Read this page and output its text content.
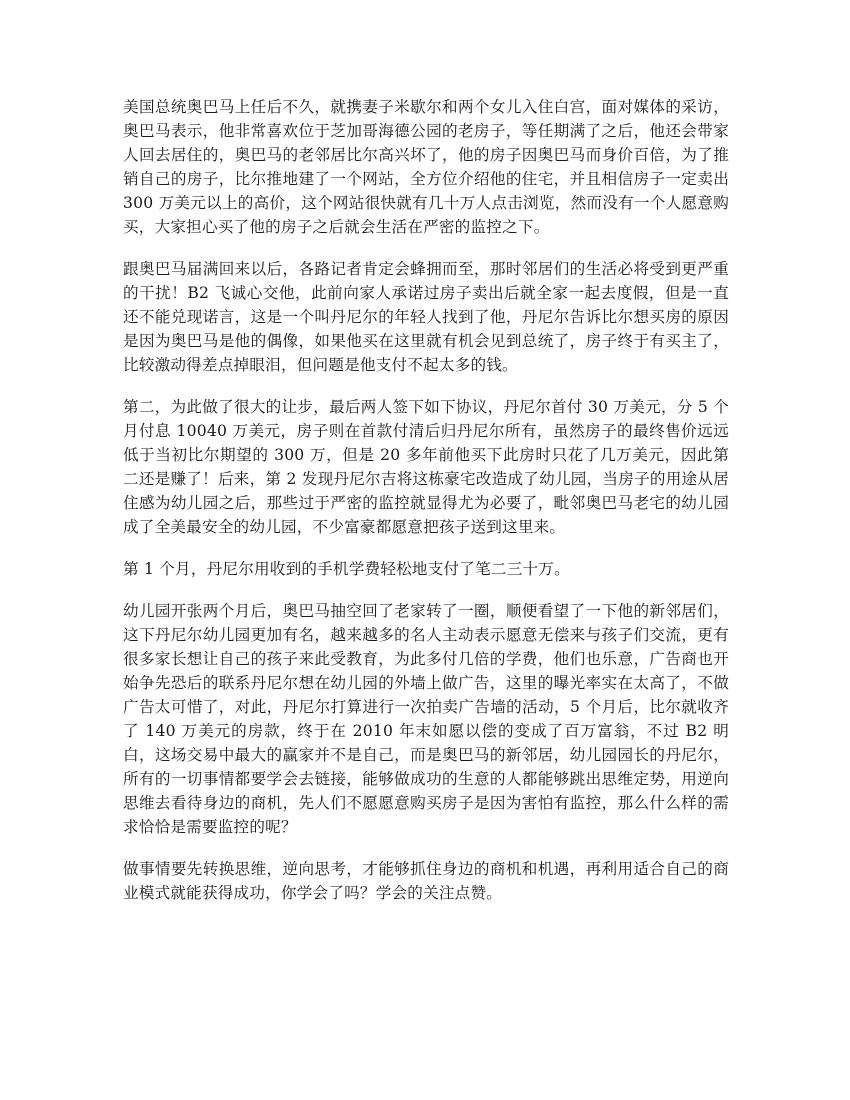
美国总统奥巴马上任后不久，就携妻子米歇尔和两个女儿入住白宫，面对媒体的采访，奥巴马表示，他非常喜欢位于芝加哥海德公园的老房子，等任期满了之后，他还会带家人回去居住的，奥巴马的老邻居比尔高兴坏了，他的房子因奥巴马而身价百倍，为了推销自己的房子，比尔推地建了一个网站，全方位介绍他的住宅，并且相信房子一定卖出 300 万美元以上的高价，这个网站很快就有几十万人点击浏览，然而没有一个人愿意购买，大家担心买了他的房子之后就会生活在严密的监控之下。

跟奥巴马届满回来以后，各路记者肯定会蜂拥而至，那时邻居们的生活必将受到更严重的干扰！B2 飞诚心交他，此前向家人承诺过房子卖出后就全家一起去度假，但是一直还不能兑现诺言，这是一个叫丹尼尔的年轻人找到了他，丹尼尔告诉比尔想买房的原因是因为奥巴马是他的偶像，如果他买在这里就有机会见到总统了，房子终于有买主了，比较激动得差点掉眼泪，但问题是他支付不起太多的钱。

第二，为此做了很大的让步，最后两人签下如下协议，丹尼尔首付 30 万美元，分 5 个月付息 10040 万美元，房子则在首款付清后归丹尼尔所有，虽然房子的最终售价远远低于当初比尔期望的 300 万，但是 20 多年前他买下此房时只花了几万美元，因此第二还是赚了！后来，第 2 发现丹尼尔吉将这栋豪宅改造成了幼儿园，当房子的用途从居住感为幼儿园之后，那些过于严密的监控就显得尤为必要了，毗邻奥巴马老宅的幼儿园成了全美最安全的幼儿园，不少富豪都愿意把孩子送到这里来。

第 1 个月，丹尼尔用收到的手机学费轻松地支付了笔二三十万。

幼儿园开张两个月后，奥巴马抽空回了老家转了一圈，顺便看望了一下他的新邻居们，这下丹尼尔幼儿园更加有名，越来越多的名人主动表示愿意无偿来与孩子们交流，更有很多家长想让自己的孩子来此受教育，为此多付几倍的学费，他们也乐意，广告商也开始争先恐后的联系丹尼尔想在幼儿园的外墙上做广告，这里的曝光率实在太高了，不做广告太可惜了，对此，丹尼尔打算进行一次拍卖广告墙的活动，5 个月后，比尔就收齐了 140 万美元的房款，终于在 2010 年末如愿以偿的变成了百万富翁，不过 B2 明白，这场交易中最大的赢家并不是自己，而是奥巴马的新邻居，幼儿园园长的丹尼尔，所有的一切事情都要学会去链接，能够做成功的生意的人都能够跳出思维定势，用逆向思维去看待身边的商机，先人们不愿愿意购买房子是因为害怕有监控，那么什么样的需求恰恰是需要监控的呢？

做事情要先转换思维，逆向思考，才能够抓住身边的商机和机遇，再利用适合自己的商业模式就能获得成功，你学会了吗？学会的关注点赞。
